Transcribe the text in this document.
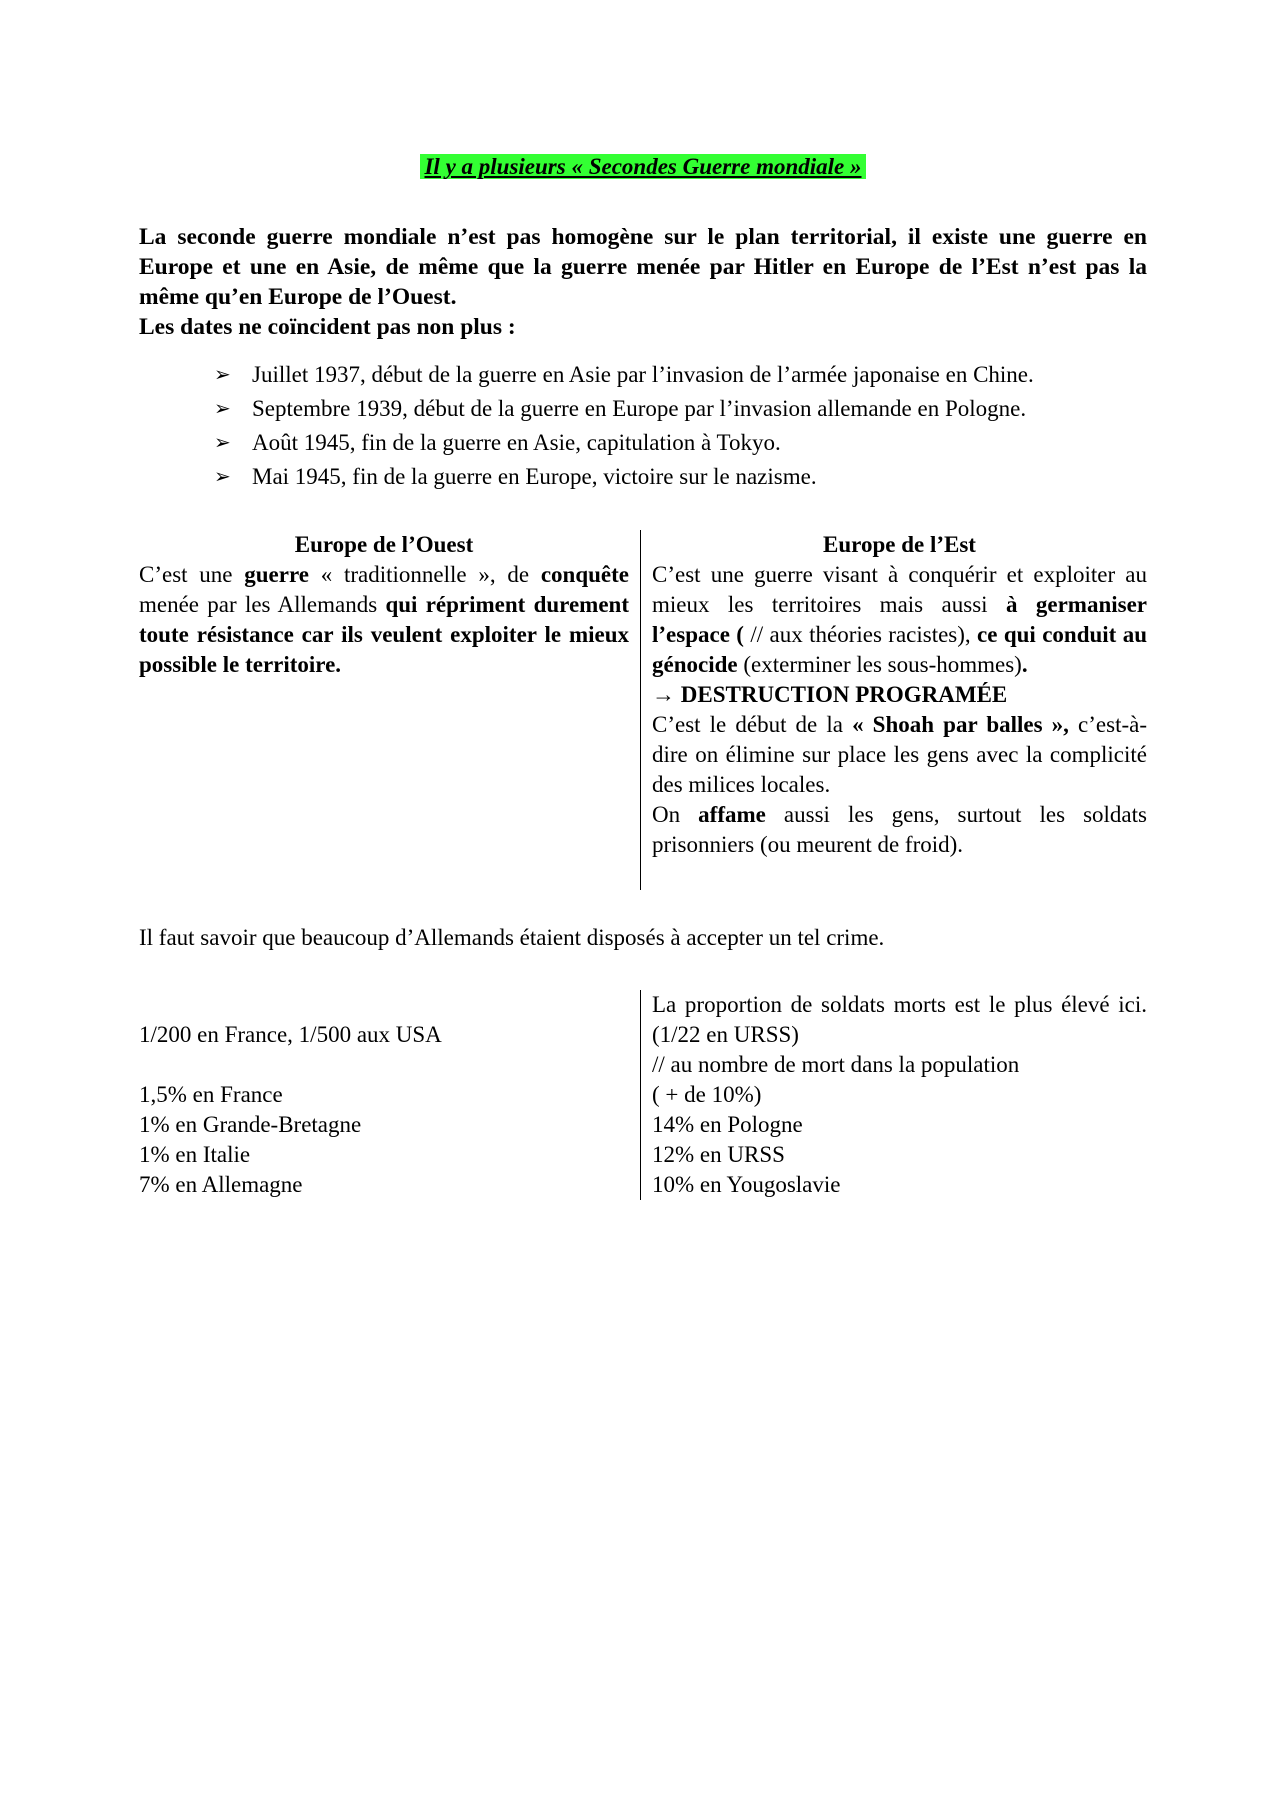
Il y a plusieurs « Secondes Guerre mondiale »

La seconde guerre mondiale n’est pas homogène sur le plan territorial, il existe une guerre en Europe et une en Asie, de même que la guerre menée par Hitler en Europe de l’Est n’est pas la même qu’en Europe de l’Ouest.

Les dates ne coïncident pas non plus :

➢ Juillet 1937, début de la guerre en Asie par l’invasion de l’armée japonaise en Chine.
➢ Septembre 1939, début de la guerre en Europe par l’invasion allemande en Pologne.
➢ Août 1945, fin de la guerre en Asie, capitulation à Tokyo.
➢ Mai 1945, fin de la guerre en Europe, victoire sur le nazisme.
Europe de l’Ouest

C’est une guerre « traditionnelle », de conquête menée par les Allemands qui répriment durement toute résistance car ils veulent exploiter le mieux possible le territoire.

Europe de l’Est

C’est une guerre visant à conquérir et exploiter au mieux les territoires mais aussi à germaniser l’espace ( // aux théories racistes), ce qui conduit au génocide (exterminer les sous-hommes).

→ DESTRUCTION PROGRAMÉE

C’est le début de la « Shoah par balles », c’est-à-dire on élimine sur place les gens avec la complicité des milices locales.

On affame aussi les gens, surtout les soldats prisonniers (ou meurent de froid).

Il faut savoir que beaucoup d’Allemands étaient disposés à accepter un tel crime.

1/200 en France, 1/500 aux USA

1,5% en France

1% en Grande-Bretagne

1% en Italie

7% en Allemagne

La proportion de soldats morts est le plus élevé ici. (1/22 en URSS)

// au nombre de mort dans la population

( + de 10%)

14% en Pologne

12% en URSS

10% en Yougoslavie
